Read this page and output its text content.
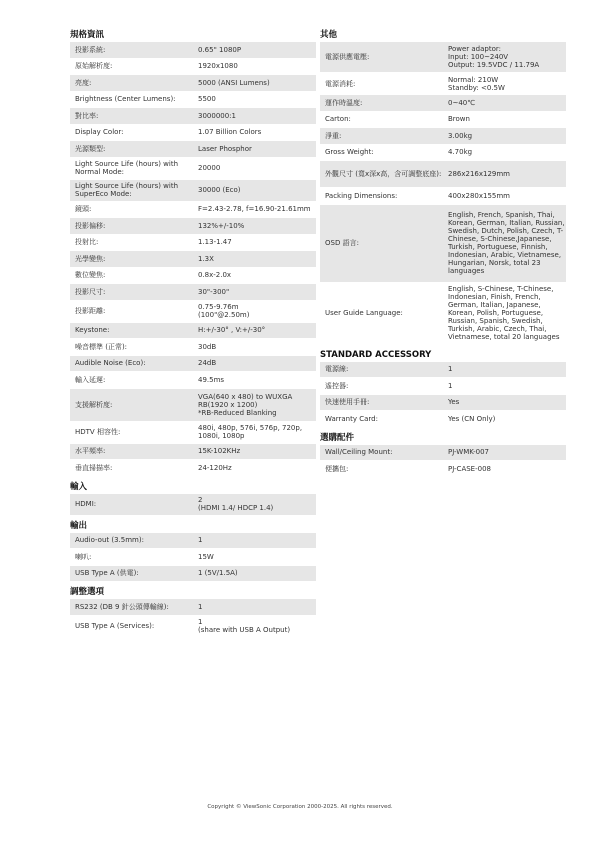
規格資訊
投影系統:	0.65" 1080P
原始解析度:	1920x1080
亮度:	5000 (ANSI Lumens)
Brightness (Center Lumens):	5500
對比率:	3000000:1
Display Color:	1.07 Billion Colors
光源類型:	Laser Phosphor
Light Source Life (hours) with Normal Mode:	20000
Light Source Life (hours) with SuperEco Mode:	30000 (Eco)
鏡頭:	F=2.43-2.78, f=16.90-21.61mm
投影偏移:	132%+/-10%
投射比:	1.13-1.47
光學變焦:	1.3X
數位變焦:	0.8x-2.0x
投影尺寸:	30"-300"
投影距離:	0.75-9.76m
(100"@2.50m)
Keystone:	H:+/-30° , V:+/-30°
噪音標準 (正常):	30dB
Audible Noise (Eco):	24dB
輸入延遲:	49.5ms
支援解析度:
VGA(640 x 480) to WUXGA RB(1920 x 1200)
*RB-Reduced Blanking
HDTV 相容性:	480i, 480p, 576i, 576p, 720p, 1080i, 1080p
水平頻率:	15K-102KHz
垂直掃描率:	24-120Hz
輸入
HDMI:	2
(HDMI 1.4/ HDCP 1.4)
輸出
Audio-out (3.5mm):	1
喇叭:	15W
USB Type A (供電):	1 (5V/1.5A)
調整選項
RS232 (DB 9 針公頭傳輸線):	1
USB Type A (Services):	1
(share with USB A Output)
其他
電源供應電壓:
Power adaptor:
Input: 100~240V
Output: 19.5VDC / 11.79A
電源消耗:	Normal: 210W
Standby: <0.5W
運作時溫度:	0~40℃
Carton:	Brown
淨重:	3.00kg
Gross Weight:	4.70kg
外觀尺寸 (寬x深x高，含可調整底座): 286x216x129mm
Packing Dimensions:	400x280x155mm
OSD 語言:
English, French, Spanish, Thai, Korean, German, Italian, Russian, Swedish, Dutch, Polish, Czech, T-Chinese, S-Chinese,Japanese, Turkish, Portuguese, Finnish, Indonesian, Arabic, Vietnamese, Hungarian, Norsk, total 23 languages
User Guide Language:
English, S-Chinese, T-Chinese, Indonesian, Finish, French, German, Italian, Japanese, Korean, Polish, Portuguese, Russian, Spanish, Swedish, Turkish, Arabic, Czech, Thai, Vietnamese, total 20 languages
STANDARD ACCESSORY
電源線:	1
遙控器:	1
快速使用手冊:	Yes
Warranty Card:	Yes (CN Only)
選購配件
Wall/Ceiling Mount:	PJ-WMK-007
便攜包:	PJ-CASE-008
Copyright © ViewSonic Corporation 2000-2025. All rights reserved.
